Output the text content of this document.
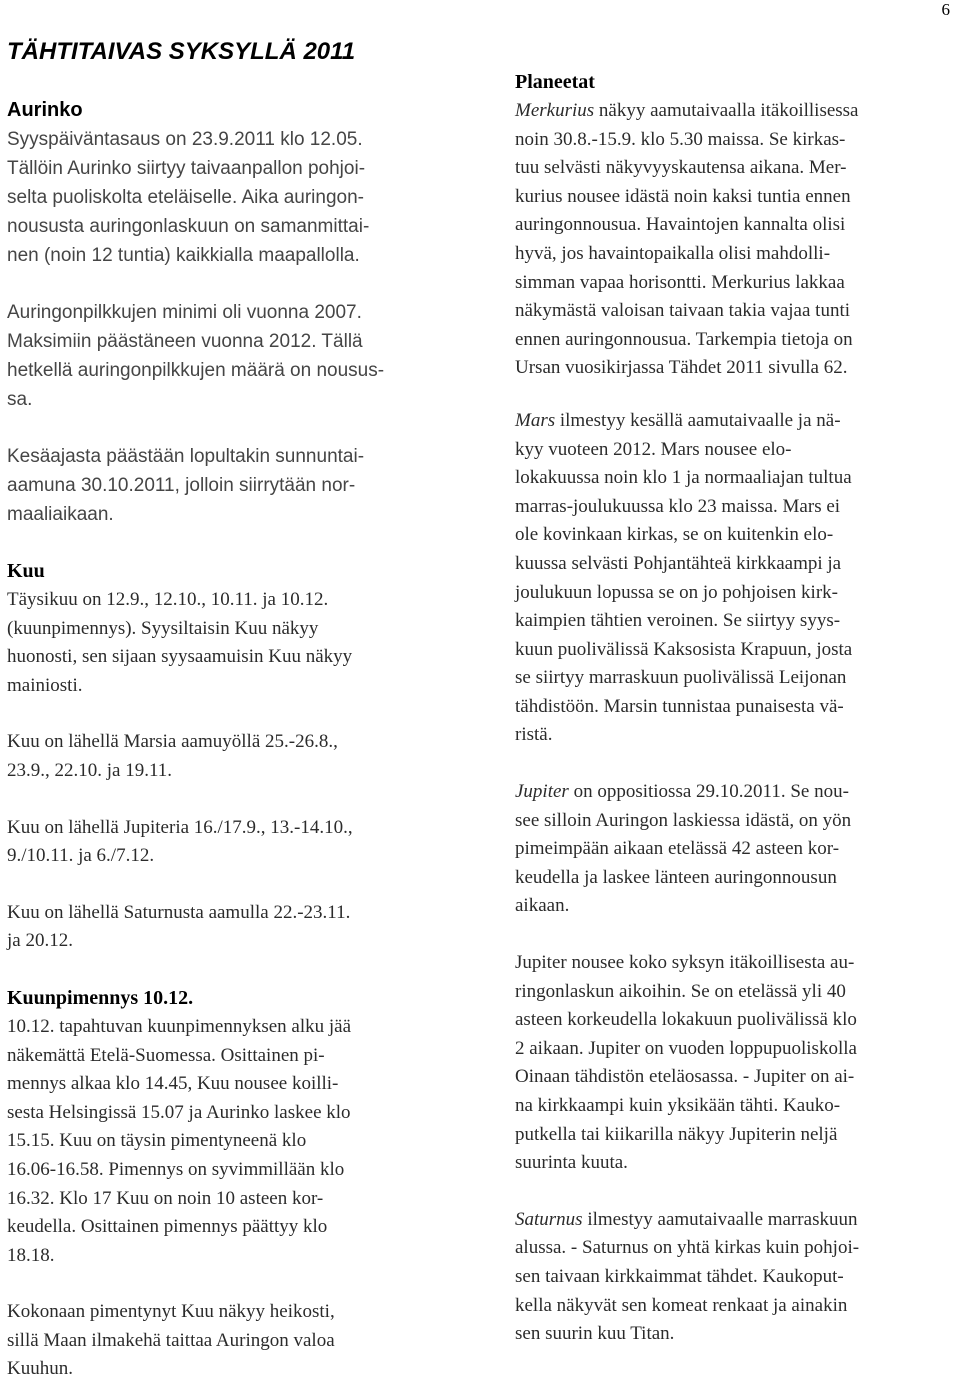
6
TÄHTITAIVAS SYKSYLLÄ 2011
Aurinko
Syyspäiväntasaus on 23.9.2011 klo 12.05.
Tällöin Aurinko siirtyy taivaanpallon pohjoi-
selta puoliskolta eteläiselle. Aika auringon-
noususta auringonlaskuun on samanmittai-
nen (noin 12 tuntia) kaikkialla maapallolla.
Auringonpilkkujen minimi oli vuonna 2007.
Maksimiin päästäneen vuonna 2012. Tällä
hetkellä auringonpilkkujen määrä on nousus-
sa.
Kesäajasta päästään lopultakin sunnuntai-
aamuna 30.10.2011, jolloin siirrytään nor-
maaliaikaan.
Kuu
Täysikuu on 12.9., 12.10., 10.11. ja 10.12.
(kuunpimennys). Syysiltaisin Kuu näkyy
huonosti, sen sijaan syysaamuisin Kuu näkyy
mainiosti.
Kuu on lähellä Marsia aamuyöllä 25.-26.8.,
23.9., 22.10. ja 19.11.
Kuu on lähellä Jupiteria 16./17.9., 13.-14.10.,
9./10.11. ja 6./7.12.
Kuu on lähellä Saturnusta aamulla 22.-23.11.
ja 20.12.
Kuunpimennys 10.12.
10.12. tapahtuvan kuunpimennyksen alku jää
näkemättä Etelä-Suomessa. Osittainen pi-
mennys alkaa klo 14.45, Kuu nousee koilli-
sesta Helsingissä 15.07 ja Aurinko laskee klo
15.15. Kuu on täysin pimentyneenä klo
16.06-16.58. Pimennys on syvimmillään klo
16.32. Klo 17 Kuu on noin 10 asteen kor-
keudella. Osittainen pimennys päättyy klo
18.18.
Kokonaan pimentynyt Kuu näkyy heikosti,
sillä Maan ilmakehä taittaa Auringon valoa
Kuuhun.
Planeetat
Merkurius näkyy aamutaivaalla itäkoillisessa
noin 30.8.-15.9. klo 5.30 maissa. Se kirkas-
tuu selvästi näkyvyyskautensa aikana. Mer-
kurius nousee idästä noin kaksi tuntia ennen
auringonnousua. Havaintojen kannalta olisi
hyvä, jos havaintopaikalla olisi mahdolli-
simman vapaa horisontti. Merkurius lakkaa
näkymästä valoisan taivaan takia vajaa tunti
ennen auringonnousua. Tarkempia tietoja on
Ursan vuosikirjassa Tähdet 2011 sivulla 62.
Mars ilmestyy kesällä aamutaivaalle ja nä-
kyy vuoteen 2012. Mars nousee elo-
lokakuussa noin klo 1 ja normaaliajan tultua
marras-joulukuussa klo 23 maissa. Mars ei
ole kovinkaan kirkas, se on kuitenkin elo-
kuussa selvästi Pohjantähteä kirkkaampi ja
joulukuun lopussa se on jo pohjoisen kirk-
kaimpien tähtien veroinen. Se siirtyy syys-
kuun puolivälissä Kaksosista Krapuun, josta
se siirtyy marraskuun puolivälissä Leijonan
tähdistöön. Marsin tunnistaa punaisesta vä-
ristä.
Jupiter on oppositiossa 29.10.2011. Se nou-
see silloin Auringon laskiessa idästä, on yön
pimeimpään aikaan etelässä 42 asteen kor-
keudella ja laskee länteen auringonnousun
aikaan.
Jupiter nousee koko syksyn itäkoillisesta au-
ringonlaskun aikoihin. Se on etelässä yli 40
asteen korkeudella lokakuun puolivälissä klo
2 aikaan. Jupiter on vuoden loppupuoliskolla
Oinaan tähdistön eteläosassa. - Jupiter on ai-
na kirkkaampi kuin yksikään tähti. Kauko-
putkella tai kiikarilla näkyy Jupiterin neljä
suurinta kuuta.
Saturnus ilmestyy aamutaivaalle marraskuun
alussa. - Saturnus on yhtä kirkas kuin pohjoi-
sen taivaan kirkkaimmat tähdet. Kaukoput-
kella näkyvät sen komeat renkaat ja ainakin
sen suurin kuu Titan.
